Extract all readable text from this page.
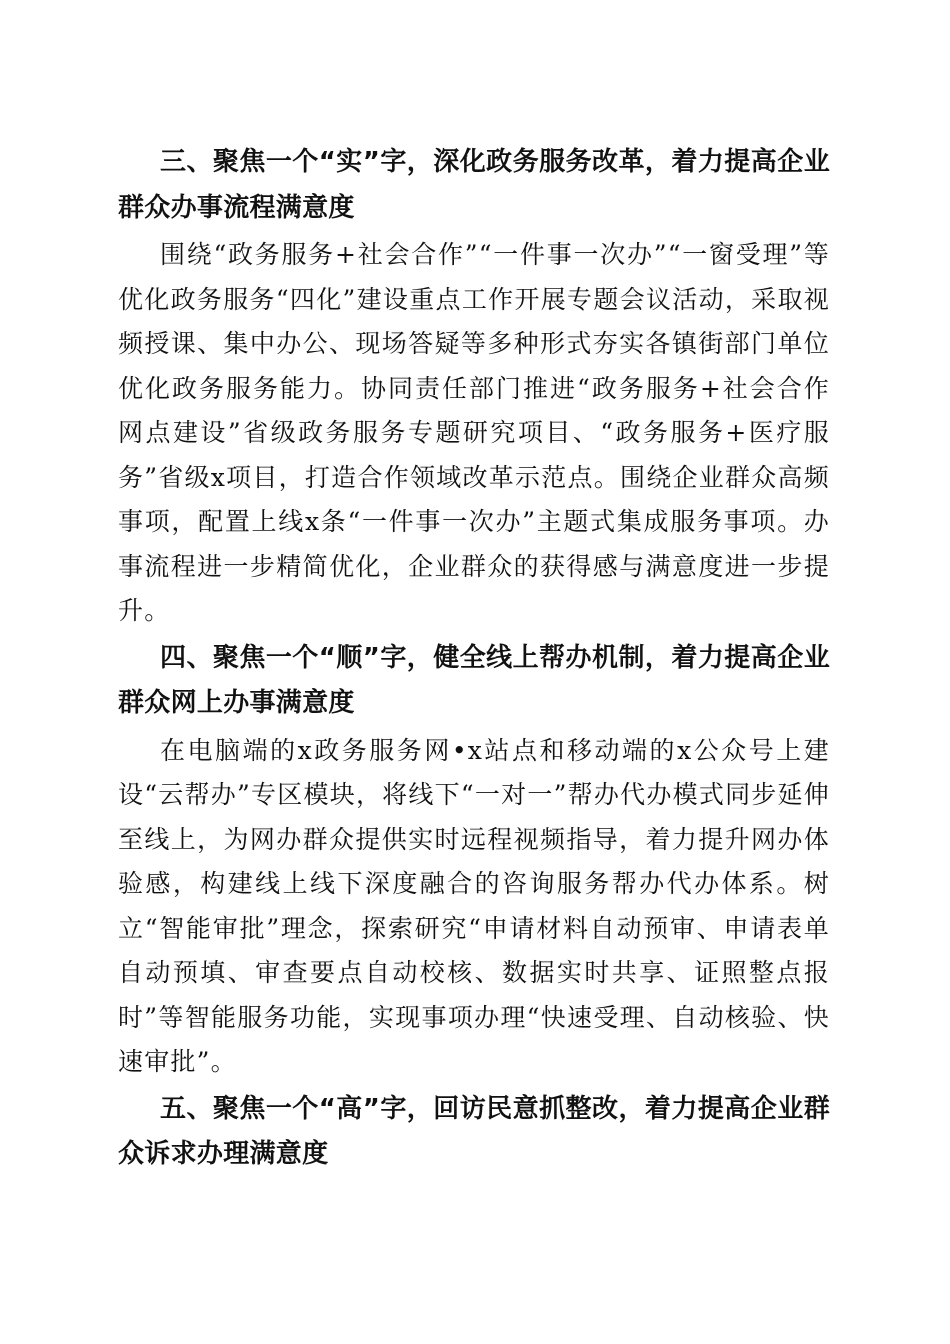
三、聚焦一个“实”字，深化政务服务改革，着力提高企业群众办事流程满意度

围绕“政务服务+社会合作”“一件事一次办”“一窗受理”等优化政务服务“四化”建设重点工作开展专题会议活动，采取视频授课、集中办公、现场答疑等多种形式夯实各镇街部门单位优化政务服务能力。协同责任部门推进“政务服务+社会合作网点建设”省级政务服务专题研究项目、“政务服务+医疗服务”省级x项目，打造合作领域改革示范点。围绕企业群众高频事项，配置上线x条“一件事一次办”主题式集成服务事项。办事流程进一步精简优化，企业群众的获得感与满意度进一步提升。

四、聚焦一个“顺”字，健全线上帮办机制，着力提高企业群众网上办事满意度

在电脑端的x政务服务网•x站点和移动端的x公众号上建设“云帮办”专区模块，将线下“一对一”帮办代办模式同步延伸至线上，为网办群众提供实时远程视频指导，着力提升网办体验感，构建线上线下深度融合的咨询服务帮办代办体系。树立“智能审批”理念，探索研究“申请材料自动预审、申请表单自动预填、审查要点自动校核、数据实时共享、证照整点报时”等智能服务功能，实现事项办理“快速受理、自动核验、快速审批”。

五、聚焦一个“高”字，回访民意抓整改，着力提高企业群众诉求办理满意度
